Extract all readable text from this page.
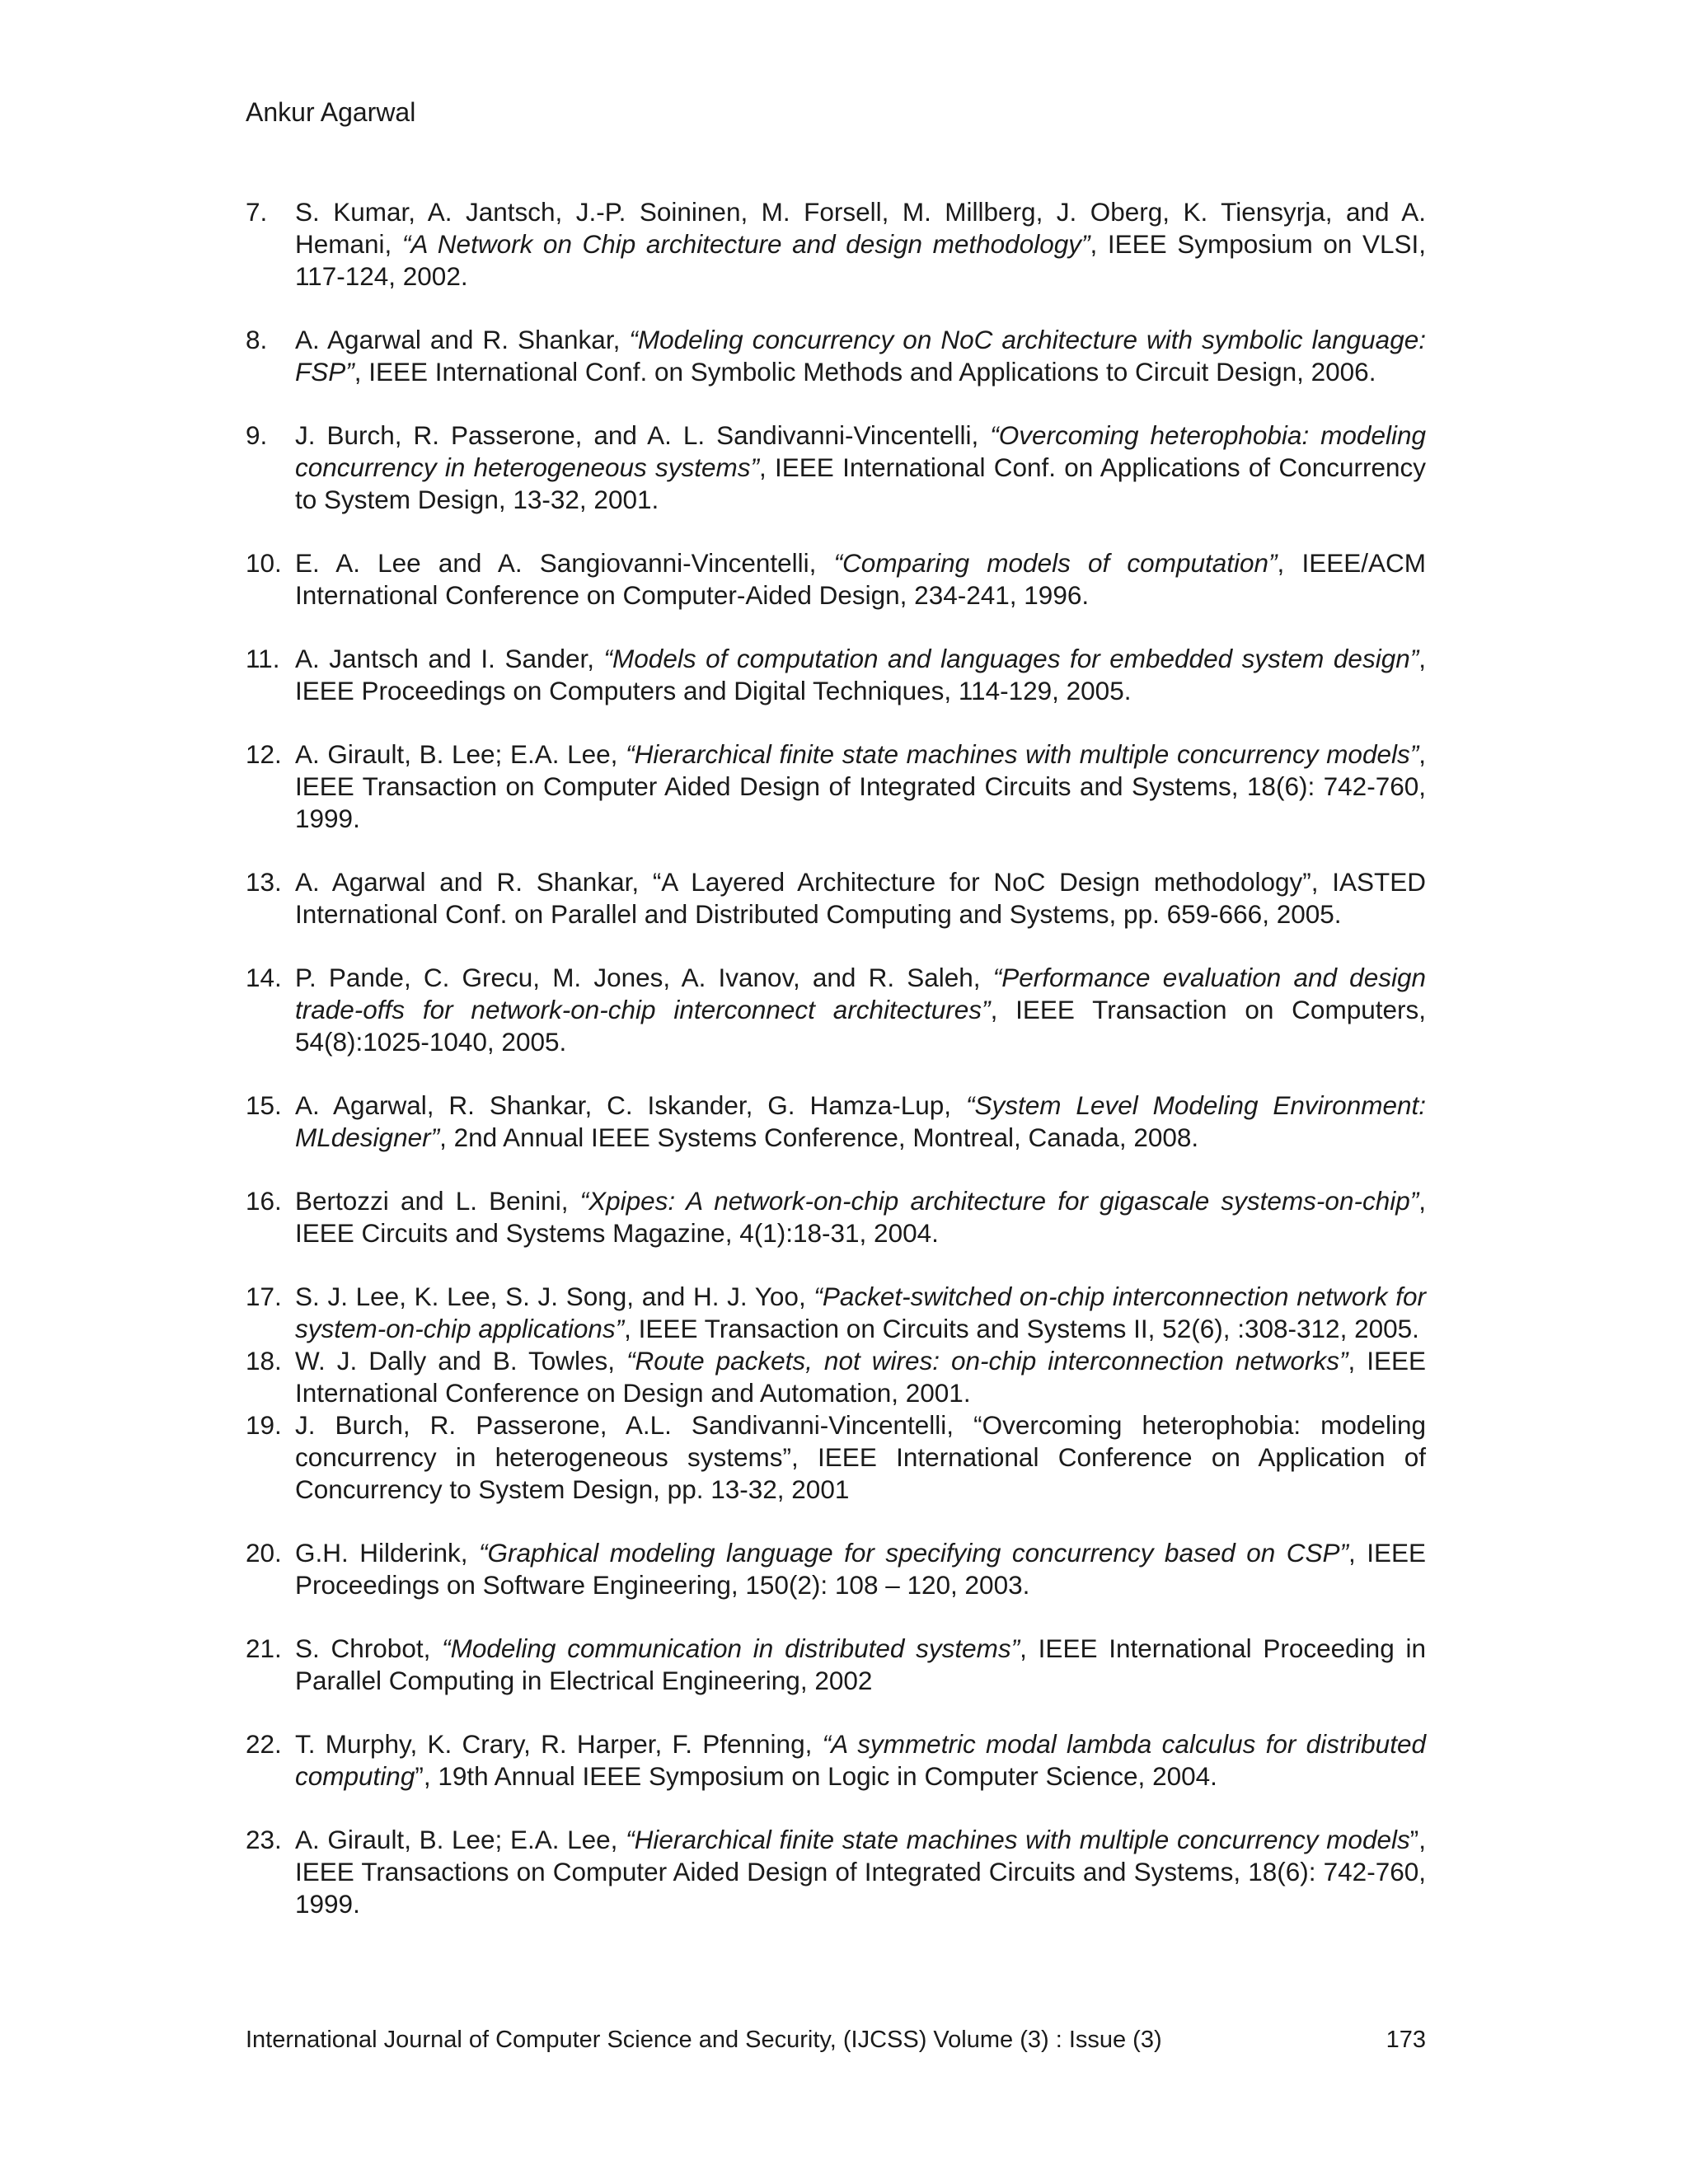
Ankur Agarwal
7. S. Kumar, A. Jantsch, J.-P. Soininen, M. Forsell, M. Millberg, J. Oberg, K. Tiensyrja, and A. Hemani, “A Network on Chip architecture and design methodology”, IEEE Symposium on VLSI, 117-124, 2002.
8. A. Agarwal and R. Shankar, “Modeling concurrency on NoC architecture with symbolic language: FSP”, IEEE International Conf. on Symbolic Methods and Applications to Circuit Design, 2006.
9. J. Burch, R. Passerone, and A. L. Sandivanni-Vincentelli, “Overcoming heterophobia: modeling concurrency in heterogeneous systems”, IEEE International Conf. on Applications of Concurrency to System Design, 13-32, 2001.
10. E. A. Lee and A. Sangiovanni-Vincentelli, “Comparing models of computation”, IEEE/ACM International Conference on Computer-Aided Design, 234-241, 1996.
11. A. Jantsch and I. Sander, “Models of computation and languages for embedded system design”, IEEE Proceedings on Computers and Digital Techniques, 114-129, 2005.
12. A. Girault, B. Lee; E.A. Lee, “Hierarchical finite state machines with multiple concurrency models”, IEEE Transaction on Computer Aided Design of Integrated Circuits and Systems, 18(6): 742-760, 1999.
13. A. Agarwal and R. Shankar, “A Layered Architecture for NoC Design methodology”, IASTED International Conf. on Parallel and Distributed Computing and Systems, pp. 659-666, 2005.
14. P. Pande, C. Grecu, M. Jones, A. Ivanov, and R. Saleh, “Performance evaluation and design trade-offs for network-on-chip interconnect architectures”, IEEE Transaction on Computers, 54(8):1025-1040, 2005.
15. A. Agarwal, R. Shankar, C. Iskander, G. Hamza-Lup, “System Level Modeling Environment: MLdesigner”, 2nd Annual IEEE Systems Conference, Montreal, Canada, 2008.
16. Bertozzi and L. Benini, “Xpipes: A network-on-chip architecture for gigascale systems-on-chip”, IEEE Circuits and Systems Magazine, 4(1):18-31, 2004.
17. S. J. Lee, K. Lee, S. J. Song, and H. J. Yoo, “Packet-switched on-chip interconnection network for system-on-chip applications”, IEEE Transaction on Circuits and Systems II, 52(6), :308-312, 2005.
18. W. J. Dally and B. Towles, “Route packets, not wires: on-chip interconnection networks”, IEEE International Conference on Design and Automation, 2001.
19. J. Burch, R. Passerone, A.L. Sandivanni-Vincentelli, “Overcoming heterophobia: modeling concurrency in heterogeneous systems”, IEEE International Conference on Application of Concurrency to System Design, pp. 13-32, 2001
20. G.H. Hilderink, “Graphical modeling language for specifying concurrency based on CSP”, IEEE Proceedings on Software Engineering, 150(2): 108 – 120, 2003.
21. S. Chrobot, “Modeling communication in distributed systems”, IEEE International Proceeding in Parallel Computing in Electrical Engineering, 2002
22. T. Murphy, K. Crary, R. Harper, F. Pfenning, “A symmetric modal lambda calculus for distributed computing”, 19th Annual IEEE Symposium on Logic in Computer Science, 2004.
23. A. Girault, B. Lee; E.A. Lee, “Hierarchical finite state machines with multiple concurrency models”, IEEE Transactions on Computer Aided Design of Integrated Circuits and Systems, 18(6): 742-760, 1999.
International Journal of Computer Science and Security, (IJCSS) Volume (3) : Issue (3)	173
